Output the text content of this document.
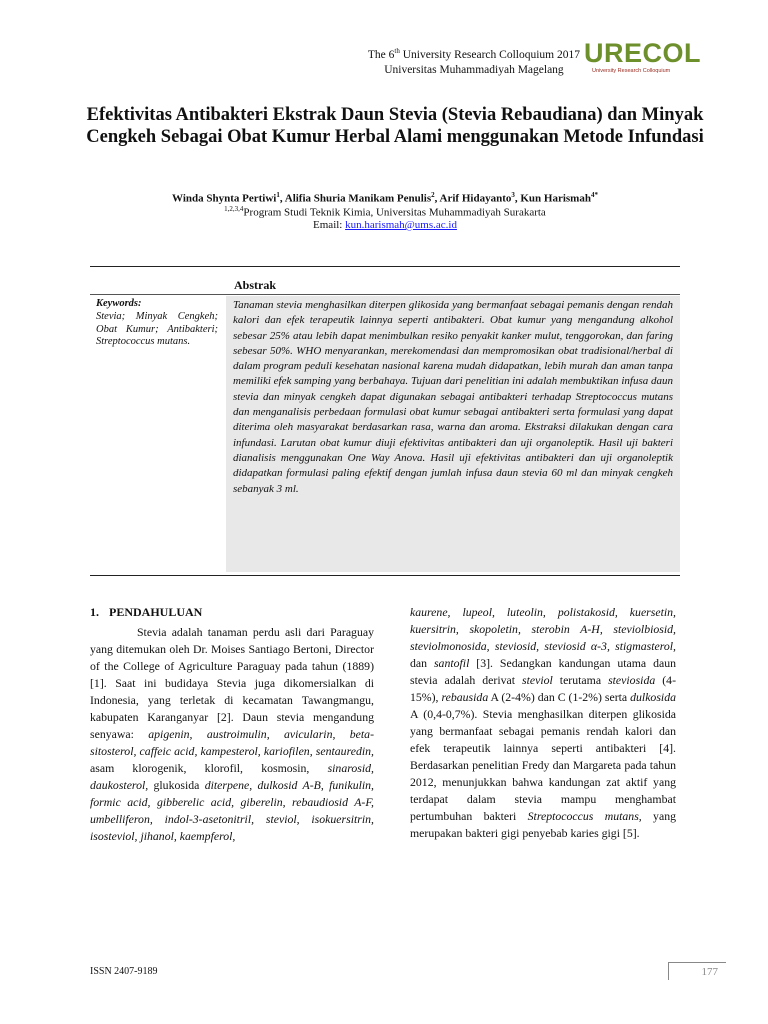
The 6th University Research Colloquium 2017
Universitas Muhammadiyah Magelang
URECOL
University Research Colloquium
Efektivitas Antibakteri Ekstrak Daun Stevia (Stevia Rebaudiana) dan Minyak Cengkeh Sebagai Obat Kumur Herbal Alami menggunakan Metode Infundasi
Winda Shynta Pertiwi$^1$, Alifia Shuria Manikam Penulis$^2$, Arif Hidayanto$^3$, Kun Harismah$^{4*}$
$^{1,2,3,4}$Program Studi Teknik Kimia, Universitas Muhammadiyah Surakarta
Email: kun.harismah@ums.ac.id
Abstrak
Keywords:
Stevia; Minyak Cengkeh; Obat Kumur; Antibakteri; Streptococcus mutans.
Tanaman stevia menghasilkan diterpen glikosida yang bermanfaat sebagai pemanis dengan rendah kalori dan efek terapeutik lainnya seperti antibakteri. Obat kumur yang mengandung alkohol sebesar 25% atau lebih dapat menimbulkan resiko penyakit kanker mulut, tenggorokan, dan faring sebesar 50%. WHO menyarankan, merekomendasi dan mempromosikan obat tradisional/herbal di dalam program peduli kesehatan nasional karena mudah didapatkan, lebih murah dan aman tanpa memiliki efek samping yang berbahaya. Tujuan dari penelitian ini adalah membuktikan infusa daun stevia dan minyak cengkeh dapat digunakan sebagai antibakteri terhadap Streptococcus mutans dan menganalisis perbedaan formulasi obat kumur sebagai antibakteri serta formulasi yang dapat diterima oleh masyarakat berdasarkan rasa, warna dan aroma. Ekstraksi dilakukan dengan cara infundasi. Larutan obat kumur diuji efektivitas antibakteri dan uji organoleptik. Hasil uji bakteri dianalisis menggunakan One Way Anova. Hasil uji efektivitas antibakteri dan uji organoleptik didapatkan formulasi paling efektif dengan jumlah infusa daun stevia 60 ml dan minyak cengkeh sebanyak 3 ml.
1. PENDAHULUAN
Stevia adalah tanaman perdu asli dari Paraguay yang ditemukan oleh Dr. Moises Santiago Bertoni, Director of the College of Agriculture Paraguay pada tahun (1889) [1]. Saat ini budidaya Stevia juga dikomersialkan di Indonesia, yang terletak di kecamatan Tawangmangu, kabupaten Karanganyar [2]. Daun stevia mengandung senyawa: apigenin, austroimulin, avicularin, beta-sitosterol, caffeic acid, kampesterol, kariofilen, sentauredin, asam klorogenik, klorofil, kosmosin, sinarosid, daukosterol, glukosida diterpene, dulkosid A-B, funikulin, formic acid, gibberelic acid, giberelin, rebaudiosid A-F, umbelliferon, indol-3-asetonitril, steviol, isokuersitrin, isosteviol, jihanol, kaempferol,
kaurene, lupeol, luteolin, polistakosid, kuersetin, kuersitrin, skopoletin, sterobin A-H, steviolbiosid, steviolmonosida, steviosid, steviosid α-3, stigmasterol, dan santofil [3]. Sedangkan kandungan utama daun stevia adalah derivat steviol terutama steviosida (4-15%), rebausida A (2-4%) dan C (1-2%) serta dulkosida A (0,4-0,7%). Stevia menghasilkan diterpen glikosida yang bermanfaat sebagai pemanis rendah kalori dan efek terapeutik lainnya seperti antibakteri [4]. Berdasarkan penelitian Fredy dan Margareta pada tahun 2012, menunjukkan bahwa kandungan zat aktif yang terdapat dalam stevia mampu menghambat pertumbuhan bakteri Streptococcus mutans, yang merupakan bakteri gigi penyebab karies gigi [5].
ISSN 2407-9189	177
